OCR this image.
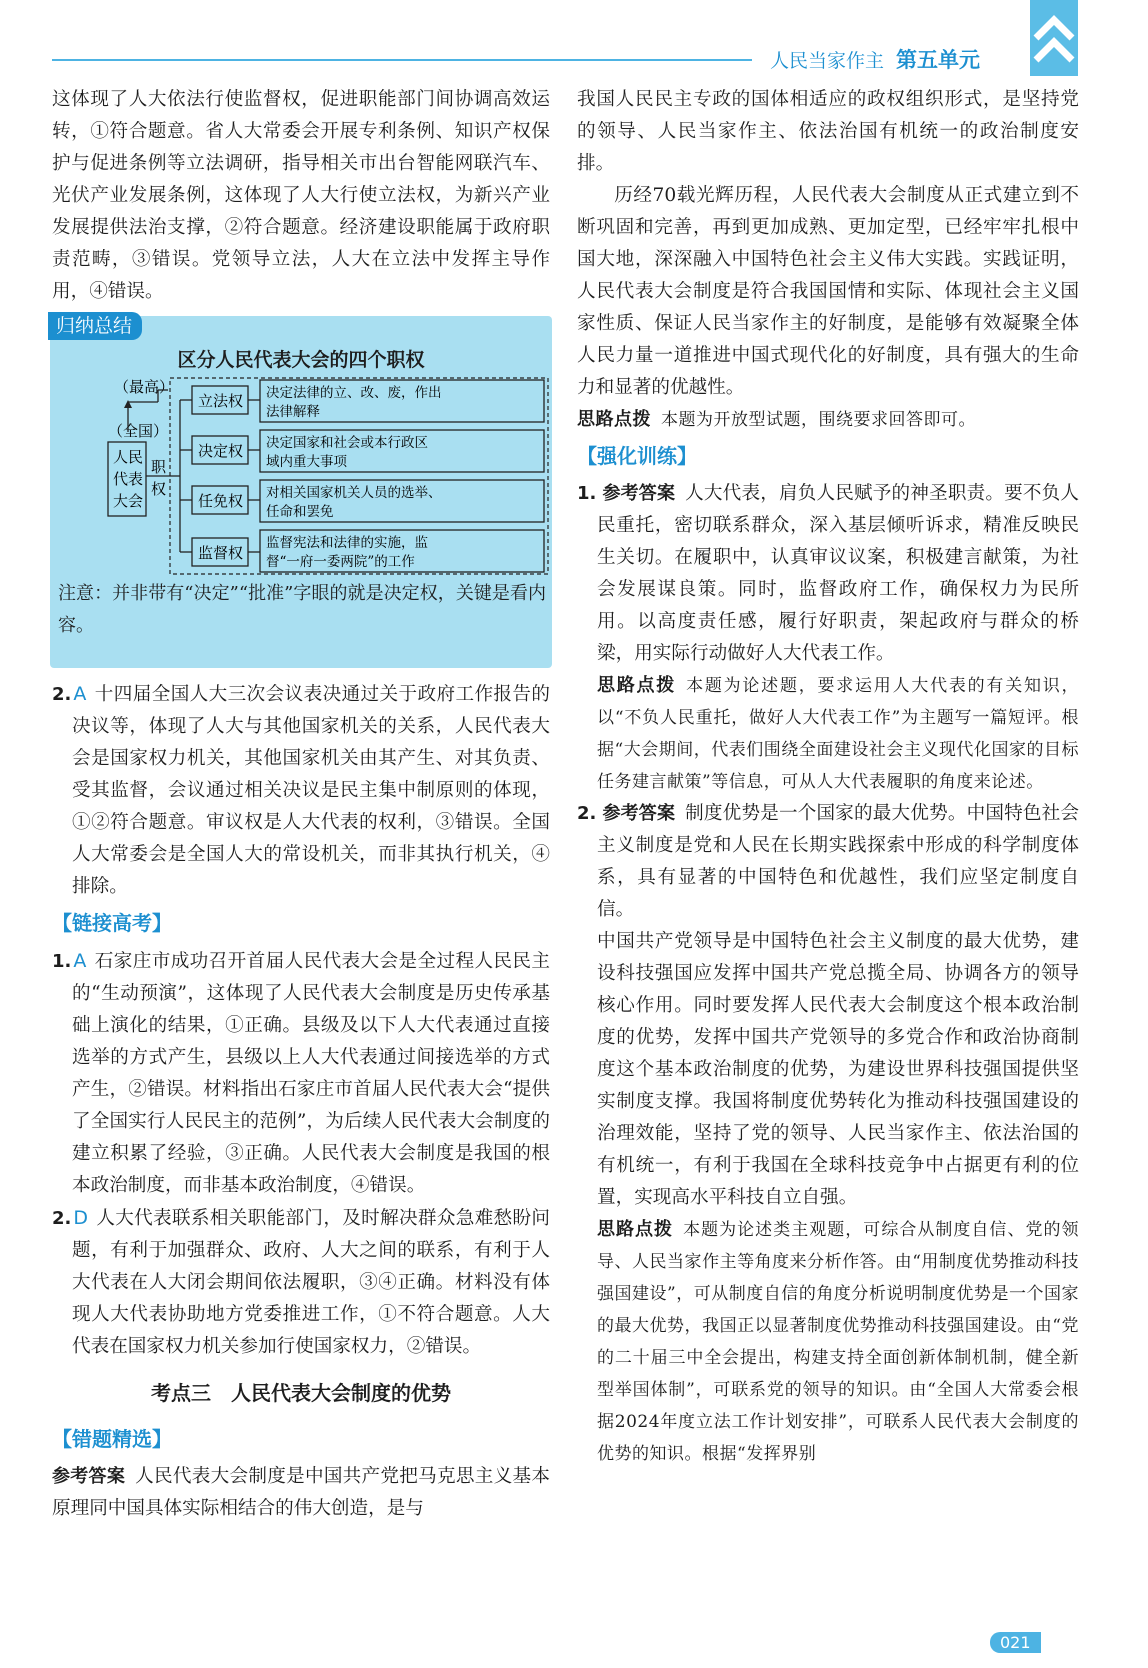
人民当家作主 第五单元

这体现了人大依法行使监督权，促进职能部门间协调高效运转，①符合题意。省人大常委会开展专利条例、知识产权保护与促进条例等立法调研，指导相关市出台智能网联汽车、光伏产业发展条例，这体现了人大行使立法权，为新兴产业发展提供法治支撑，②符合题意。经济建设职能属于政府职责范畴，③错误。党领导立法，人大在立法中发挥主导作用，④错误。

归纳总结
区分人民代表大会的四个职权
（最高）
（全国）
人民
代表
大会
职
权
立法权 决定法律的立、改、废，作出
法律解释
决定权 决定国家和社会或本行政区
域内重大事项
任免权 对相关国家机关人员的选举、
任命和罢免
监督权
监督宪法和法律的实施，监
督“一府一委两院”的工作
注意：并非带有“决定”“批准”字眼的就是决定权，关键是看内容。

2. A 十四届全国人大三次会议表决通过关于政府工作报告的决议等，体现了人大与其他国家机关的关系，人民代表大会是国家权力机关，其他国家机关由其产生、对其负责、受其监督，会议通过相关决议是民主集中制原则的体现，①②符合题意。审议权是人大代表的权利，③错误。全国人大常委会是全国人大的常设机关，而非其执行机关，④排除。

【链接高考】

1. A 石家庄市成功召开首届人民代表大会是全过程人民民主的“生动预演”，这体现了人民代表大会制度是历史传承基础上演化的结果，①正确。县级及以下人大代表通过直接选举的方式产生，县级以上人大代表通过间接选举的方式产生，②错误。材料指出石家庄市首届人民代表大会“提供了全国实行人民民主的范例”，为后续人民代表大会制度的建立积累了经验，③正确。人民代表大会制度是我国的根本政治制度，而非基本政治制度，④错误。

2. D 人大代表联系相关职能部门，及时解决群众急难愁盼问题，有利于加强群众、政府、人大之间的联系，有利于人大代表在人大闭会期间依法履职，③④正确。材料没有体现人大代表协助地方党委推进工作，①不符合题意。人大代表在国家权力机关参加行使国家权力，②错误。

考点三　人民代表大会制度的优势
【错题精选】

参考答案 人民代表大会制度是中国共产党把马克思主义基本原理同中国具体实际相结合的伟大创造，是与

我国人民民主专政的国体相适应的政权组织形式，是坚持党的领导、人民当家作主、依法治国有机统一的政治制度安排。

历经70载光辉历程，人民代表大会制度从正式建立到不断巩固和完善，再到更加成熟、更加定型，已经牢牢扎根中国大地，深深融入中国特色社会主义伟大实践。实践证明，人民代表大会制度是符合我国国情和实际、体现社会主义国家性质、保证人民当家作主的好制度，是能够有效凝聚全体人民力量一道推进中国式现代化的好制度，具有强大的生命力和显著的优越性。

思路点拨 本题为开放型试题，围绕要求回答即可。

【强化训练】

1. 参考答案 人大代表，肩负人民赋予的神圣职责。要不负人民重托，密切联系群众，深入基层倾听诉求，精准反映民生关切。在履职中，认真审议议案，积极建言献策，为社会发展谋良策。同时，监督政府工作，确保权力为民所用。以高度责任感，履行好职责，架起政府与群众的桥梁，用实际行动做好人大代表工作。

思路点拨 本题为论述题，要求运用人大代表的有关知识，以“不负人民重托，做好人大代表工作”为主题写一篇短评。根据“大会期间，代表们围绕全面建设社会主义现代化国家的目标任务建言献策”等信息，可从人大代表履职的角度来论述。

2. 参考答案 制度优势是一个国家的最大优势。中国特色社会主义制度是党和人民在长期实践探索中形成的科学制度体系，具有显著的中国特色和优越性，我们应坚定制度自信。

中国共产党领导是中国特色社会主义制度的最大优势，建设科技强国应发挥中国共产党总揽全局、协调各方的领导核心作用。同时要发挥人民代表大会制度这个根本政治制度的优势，发挥中国共产党领导的多党合作和政治协商制度这个基本政治制度的优势，为建设世界科技强国提供坚实制度支撑。我国将制度优势转化为推动科技强国建设的治理效能，坚持了党的领导、人民当家作主、依法治国的有机统一，有利于我国在全球科技竞争中占据更有利的位置，实现高水平科技自立自强。

思路点拨 本题为论述类主观题，可综合从制度自信、党的领导、人民当家作主等角度来分析作答。由“用制度优势推动科技强国建设”，可从制度自信的角度分析说明制度优势是一个国家的最大优势，我国正以显著制度优势推动科技强国建设。由“党的二十届三中全会提出，构建支持全面创新体制机制，健全新型举国体制”，可联系党的领导的知识。由“全国人大常委会根据2024年度立法工作计划安排”，可联系人民代表大会制度的优势的知识。根据“发挥界别

021
